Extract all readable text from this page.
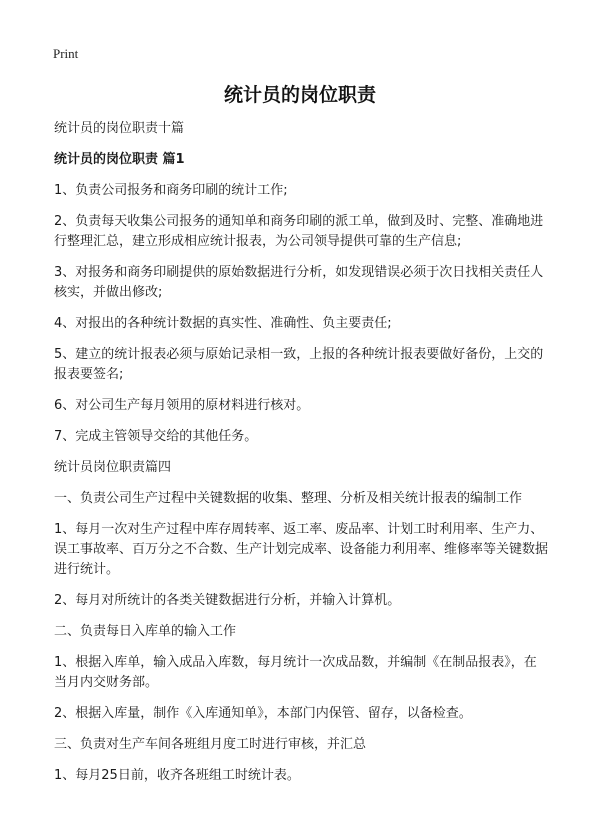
Print
统计员的岗位职责

统计员的岗位职责十篇

统计员的岗位职责 篇1

1、负责公司报务和商务印刷的统计工作;

2、负责每天收集公司报务的通知单和商务印刷的派工单，做到及时、完整、准确地进行整理汇总，建立形成相应统计报表，为公司领导提供可靠的生产信息;

3、对报务和商务印刷提供的原始数据进行分析，如发现错误必须于次日找相关责任人核实，并做出修改;

4、对报出的各种统计数据的真实性、准确性、负主要责任;

5、建立的统计报表必须与原始记录相一致，上报的各种统计报表要做好备份，上交的报表要签名;

6、对公司生产每月领用的原材料进行核对。

7、完成主管领导交给的其他任务。

统计员岗位职责篇四

一、负责公司生产过程中关键数据的收集、整理、分析及相关统计报表的编制工作

1、每月一次对生产过程中库存周转率、返工率、废品率、计划工时利用率、生产力、误工事故率、百万分之不合数、生产计划完成率、设备能力利用率、维修率等关键数据进行统计。

2、每月对所统计的各类关键数据进行分析，并输入计算机。

二、负责每日入库单的输入工作

1、根据入库单，输入成品入库数，每月统计一次成品数，并编制《在制品报表》，在当月内交财务部。

2、根据入库量，制作《入库通知单》，本部门内保管、留存，以备检查。

三、负责对生产车间各班组月度工时进行审核，并汇总

1、每月25日前，收齐各班组工时统计表。
